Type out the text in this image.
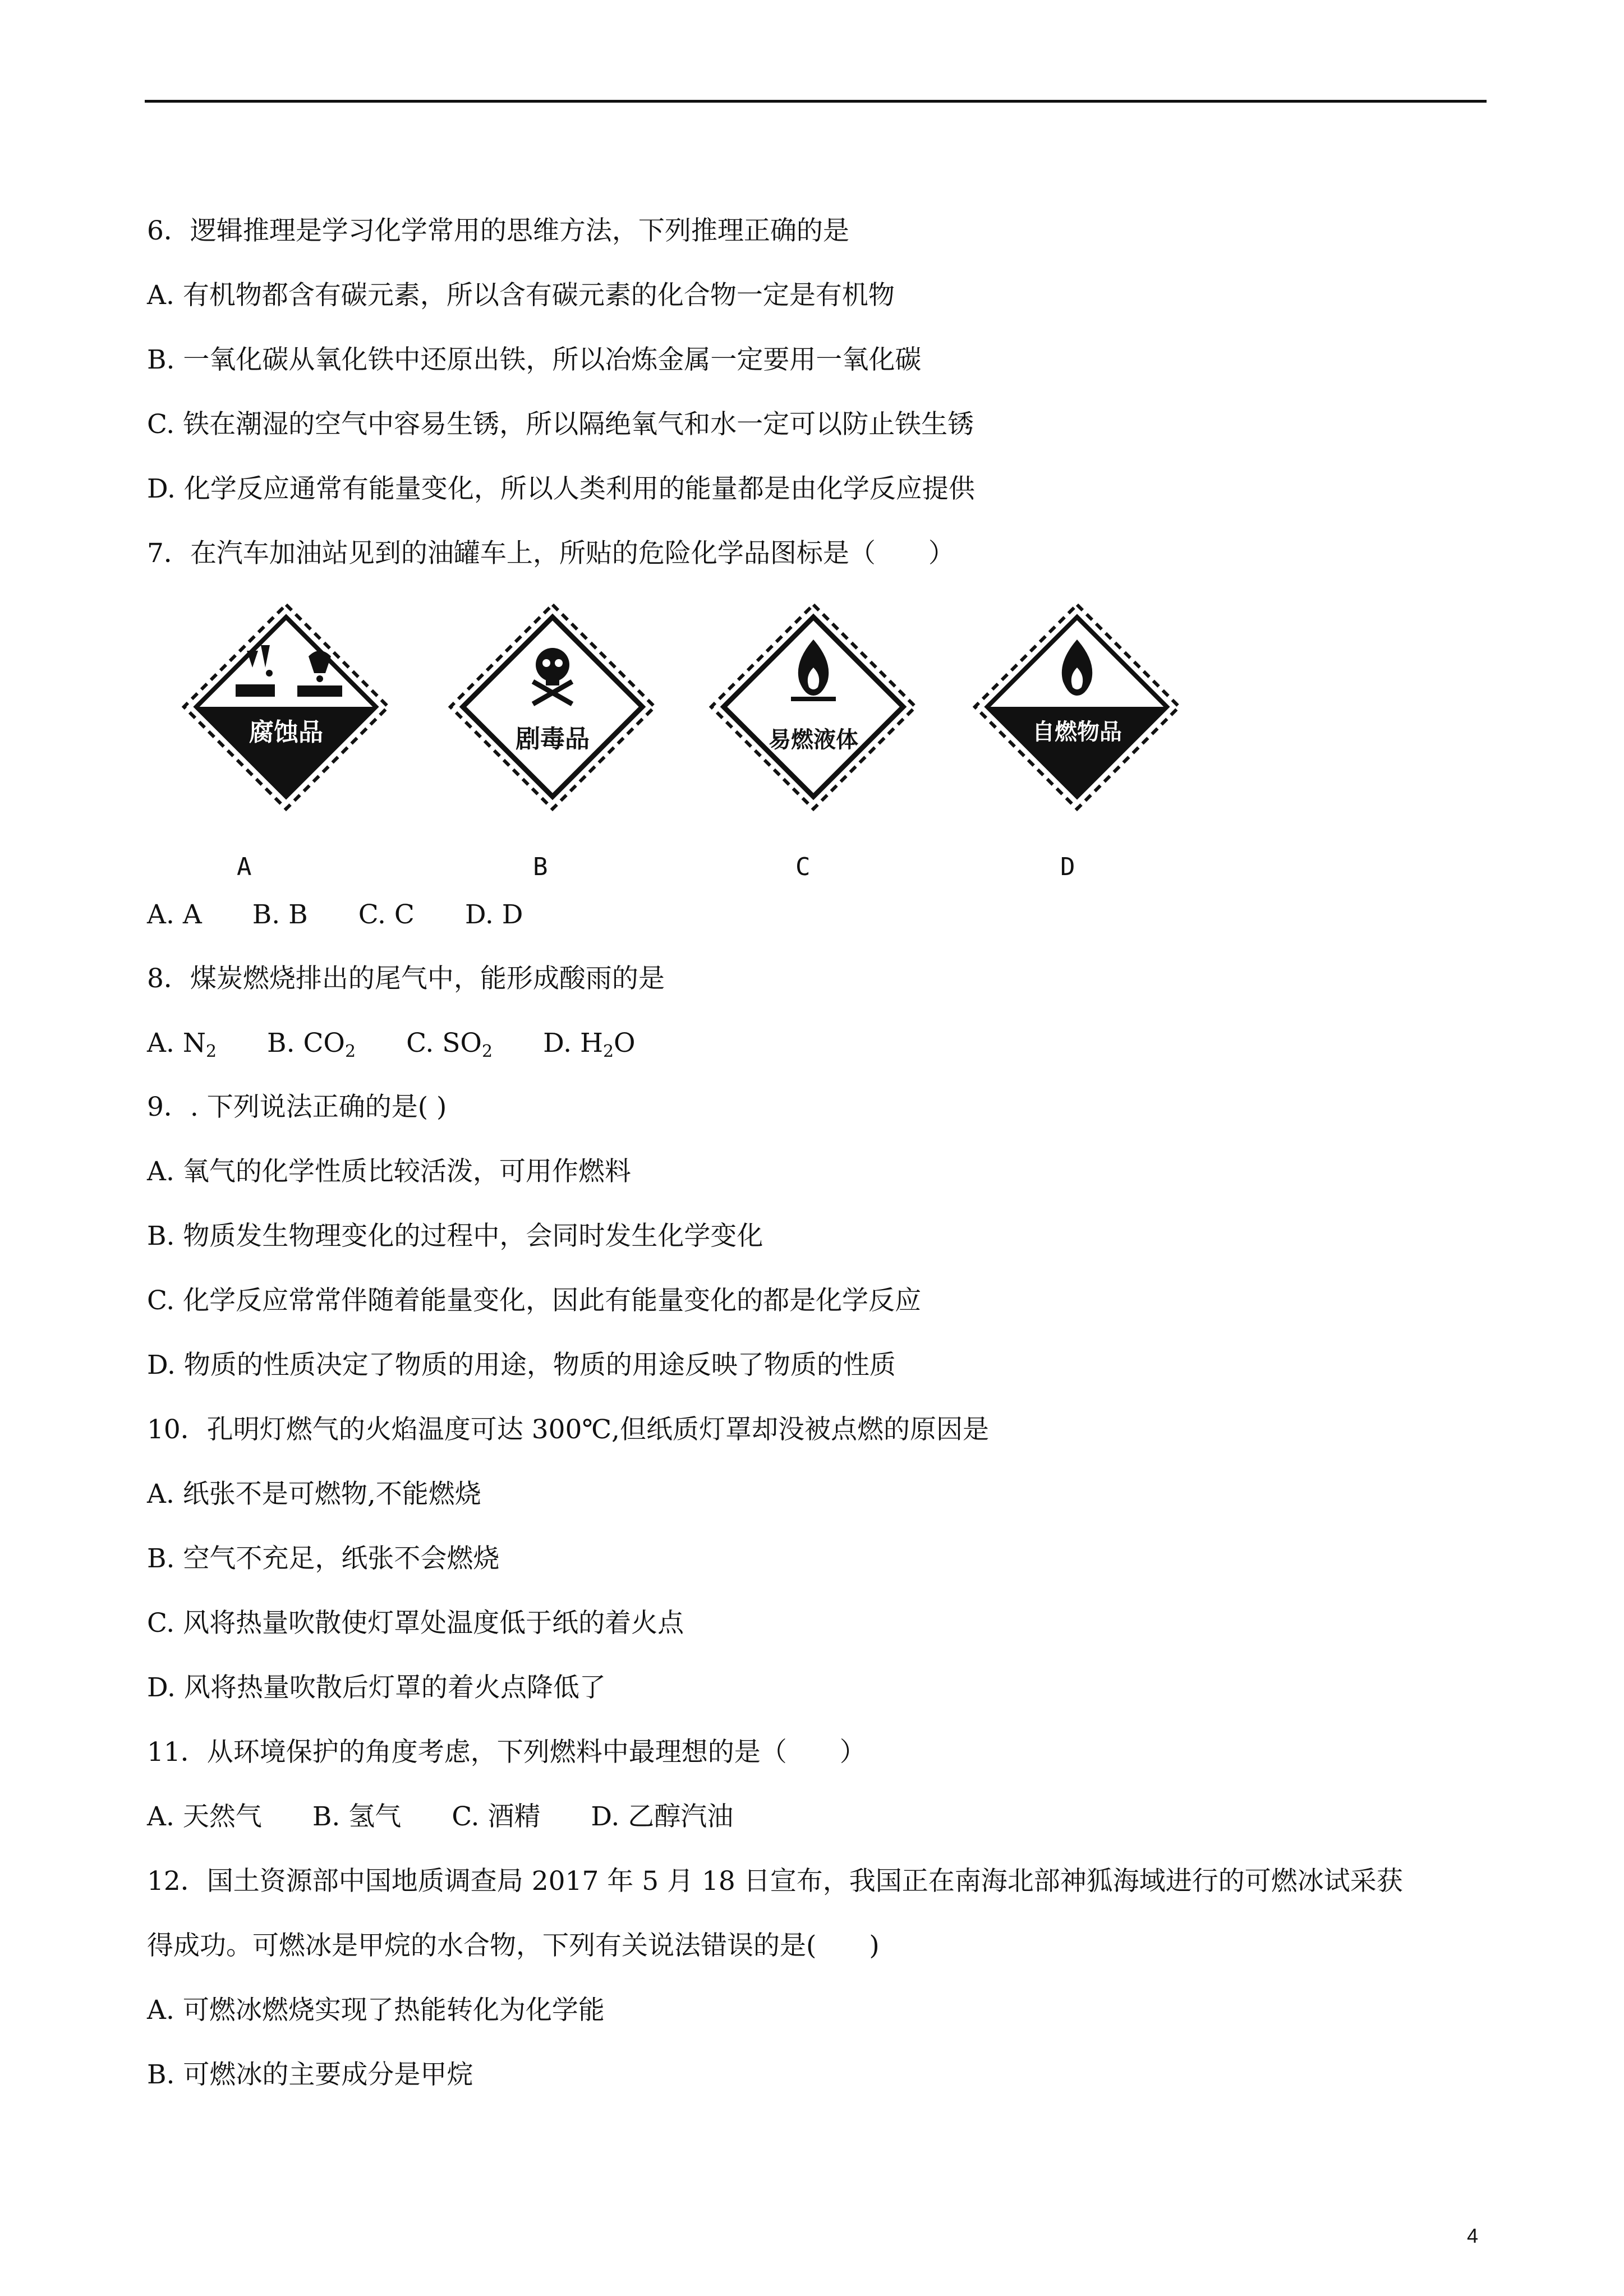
6．逻辑推理是学习化学常用的思维方法，下列推理正确的是
A. 有机物都含有碳元素，所以含有碳元素的化合物一定是有机物
B. 一氧化碳从氧化铁中还原出铁，所以冶炼金属一定要用一氧化碳
C. 铁在潮湿的空气中容易生锈，所以隔绝氧气和水一定可以防止铁生锈
D. 化学反应通常有能量变化，所以人类利用的能量都是由化学反应提供
7．在汽车加油站见到的油罐车上，所贴的危险化学品图标是（　　）
腐蚀品
A
剧毒品
B
易燃液体
C
自燃物品
D
A. A B. B C. C D. D
8．煤炭燃烧排出的尾气中，能形成酸雨的是
A. $N_2$ B. $CO_2$ C. $SO_2$ D. $H_2O$
9．. 下列说法正确的是( )
A. 氧气的化学性质比较活泼，可用作燃料
B. 物质发生物理变化的过程中，会同时发生化学变化
C. 化学反应常常伴随着能量变化，因此有能量变化的都是化学反应
D. 物质的性质决定了物质的用途，物质的用途反映了物质的性质
10．孔明灯燃气的火焰温度可达 300℃,但纸质灯罩却没被点燃的原因是
A. 纸张不是可燃物,不能燃烧
B. 空气不充足，纸张不会燃烧
C. 风将热量吹散使灯罩处温度低于纸的着火点
D. 风将热量吹散后灯罩的着火点降低了
11．从环境保护的角度考虑，下列燃料中最理想的是（　　）
A. 天然气 B. 氢气 C. 酒精 D. 乙醇汽油
12．国土资源部中国地质调查局 2017 年 5 月 18 日宣布，我国正在南海北部神狐海域进行的可燃冰试采获
得成功。可燃冰是甲烷的水合物，下列有关说法错误的是(　　)
A. 可燃冰燃烧实现了热能转化为化学能
B. 可燃冰的主要成分是甲烷
4
